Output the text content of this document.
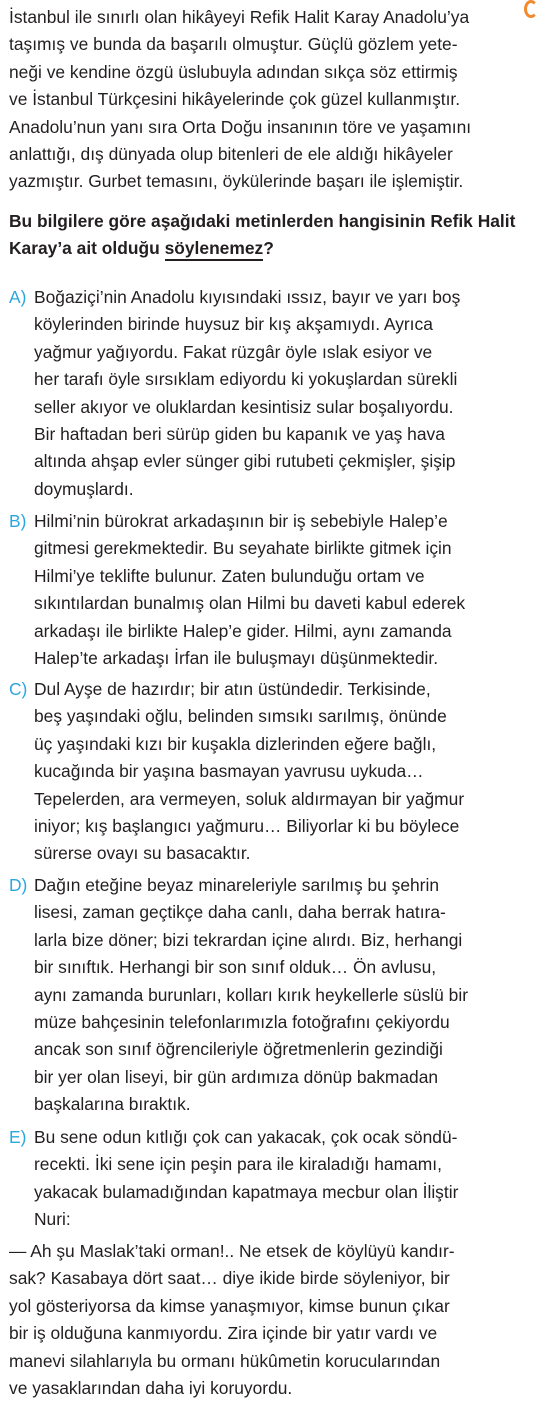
İstanbul ile sınırlı olan hikâyeyi Refik Halit Karay Anadolu’ya
taşımış ve bunda da başarılı olmuştur. Güçlü gözlem yete-
neği ve kendine özgü üslubuyla adından sıkça söz ettirmiş
ve İstanbul Türkçesini hikâyelerinde çok güzel kullanmıştır.
Anadolu’nun yanı sıra Orta Doğu insanının töre ve yaşamını
anlattığı, dış dünyada olup bitenleri de ele aldığı hikâyeler
yazmıştır. Gurbet temasını, öykülerinde başarı ile işlemiştir.
Bu bilgilere göre aşağıdaki metinlerden hangisinin Refik Halit Karay’a ait olduğu söylenemez?
A) Boğaziçi’nin Anadolu kıyısındaki ıssız, bayır ve yarı boş
köylerinden birinde huysuz bir kış akşamıydı. Ayrıca
yağmur yağıyordu. Fakat rüzgâr öyle ıslak esiyor ve
her tarafı öyle sırsıklam ediyordu ki yokuşlardan sürekli
seller akıyor ve oluklardan kesintisiz sular boşalıyordu.
Bir haftadan beri sürüp giden bu kapanık ve yaş hava
altında ahşap evler sünger gibi rutubeti çekmişler, şişip
doymuşlardı.
B) Hilmi’nin bürokrat arkadaşının bir iş sebebiyle Halep’e
gitmesi gerekmektedir. Bu seyahate birlikte gitmek için
Hilmi’ye teklifte bulunur. Zaten bulunduğu ortam ve
sıkıntılardan bunalmış olan Hilmi bu daveti kabul ederek
arkadaşı ile birlikte Halep’e gider. Hilmi, aynı zamanda
Halep’te arkadaşı İrfan ile buluşmayı düşünmektedir.
C) Dul Ayşe de hazırdır; bir atın üstündedir. Terkisinde,
beş yaşındaki oğlu, belinden sımsıkı sarılmış, önünde
üç yaşındaki kızı bir kuşakla dizlerinden eğere bağlı,
kucağında bir yaşına basmayan yavrusu uykuda…
Tepelerden, ara vermeyen, soluk aldırmayan bir yağmur
iniyor; kış başlangıcı yağmuru… Biliyorlar ki bu böylece
sürerse ovayı su basacaktır.
D) Dağın eteğine beyaz minareleriyle sarılmış bu şehrin
lisesi, zaman geçtikçe daha canlı, daha berrak hatıra-
larla bize döner; bizi tekrardan içine alırdı. Biz, herhangi
bir sınıftık. Herhangi bir son sınıf olduk… Ön avlusu,
aynı zamanda burunları, kolları kırık heykellerle süslü bir
müze bahçesinin telefonlarımızla fotoğrafını çekiyordu
ancak son sınıf öğrencileriyle öğretmenlerin gezindiği
bir yer olan liseyi, bir gün ardımıza dönüp bakmadan
başkalarına bıraktık.
E) Bu sene odun kıtlığı çok can yakacak, çok ocak söndü-
recekti. İki sene için peşin para ile kiraladığı hamamı,
yakacak bulamadığından kapatmaya mecbur olan İliştir
Nuri:
— Ah şu Maslak’taki orman!.. Ne etsek de köylüyü kandır-
sak? Kasabaya dört saat… diye ikide birde söyleniyor, bir
yol gösteriyorsa da kimse yanaşmıyor, kimse bunun çıkar
bir iş olduğuna kanmıyordu. Zira içinde bir yatır vardı ve
manevi silahlarıyla bu ormanı hükûmetin korucularından
ve yasaklarından daha iyi koruyordu.
